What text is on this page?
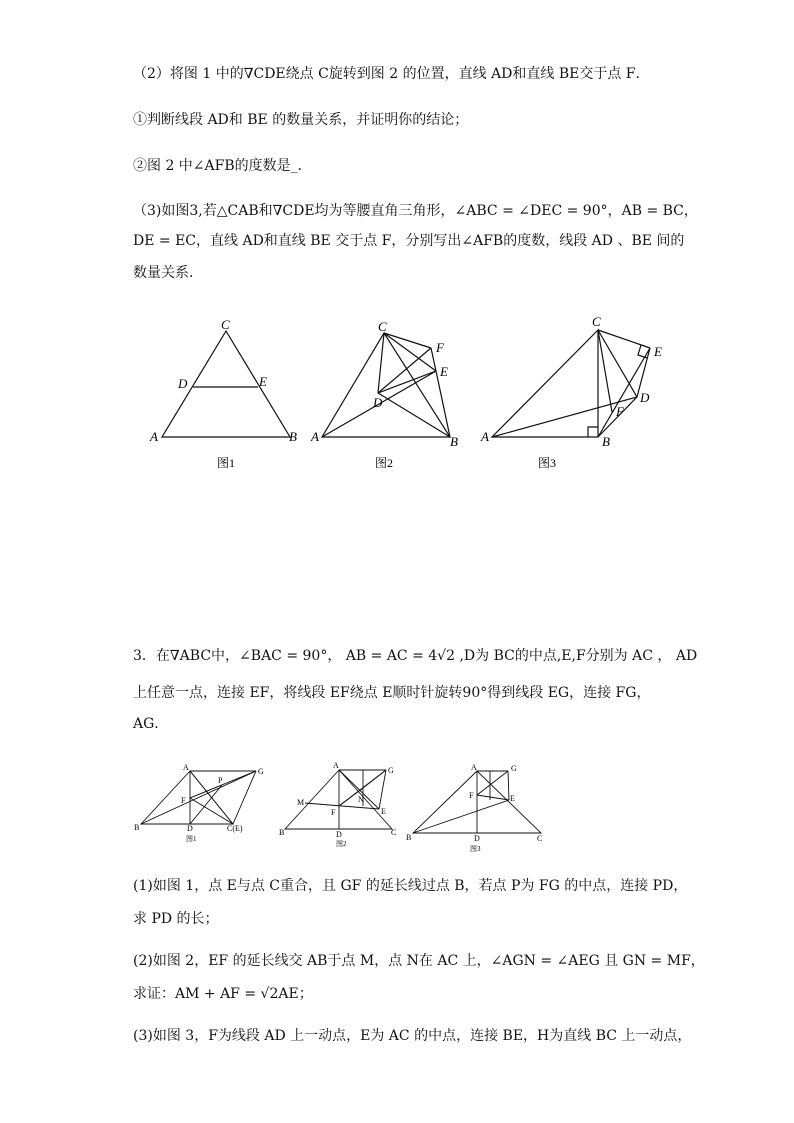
（2）将图 1 中的∇CDE绕点 C旋转到图 2 的位置，直线 AD和直线 BE交于点 F．
①判断线段 AD和 BE 的数量关系，并证明你的结论；
②图 2 中∠AFB的度数是_．
（3)如图3,若△CAB和∇CDE均为等腰直角三角形，∠ABC = ∠DEC = 90°，AB = BC，
DE = EC，直线 AD和直线 BE 交于点 F，分别写出∠AFB的度数，线段 AD 、BE 间的
数量关系．
C
D	E
A	B
图1
C
F
E
D
A	B
图2
C
E
D
F
A	B
图3
3．在∇ABC中，∠BAC = 90°， AB = AC = 4√2 ,D为 BC的中点,E,F分别为 AC ， AD
上任意一点，连接 EF，将线段 EF绕点 E顺时针旋转90°得到线段 EG，连接 FG，
AG．
A	G
P
F
B	D	C(E)
图1
A
G
M	N
F	E
B	D	C
图2
A	G
F	E
B	D	C
图3
(1)如图 1，点 E与点 C重合，且 GF 的延长线过点 B，若点 P为 FG 的中点，连接 PD，
求 PD 的长；
(2)如图 2，EF 的延长线交 AB于点 M，点 N在 AC 上，∠AGN = ∠AEG 且 GN = MF，
求证：AM + AF = √2AE；
(3)如图 3，F为线段 AD 上一动点，E为 AC 的中点，连接 BE，H为直线 BC 上一动点，
